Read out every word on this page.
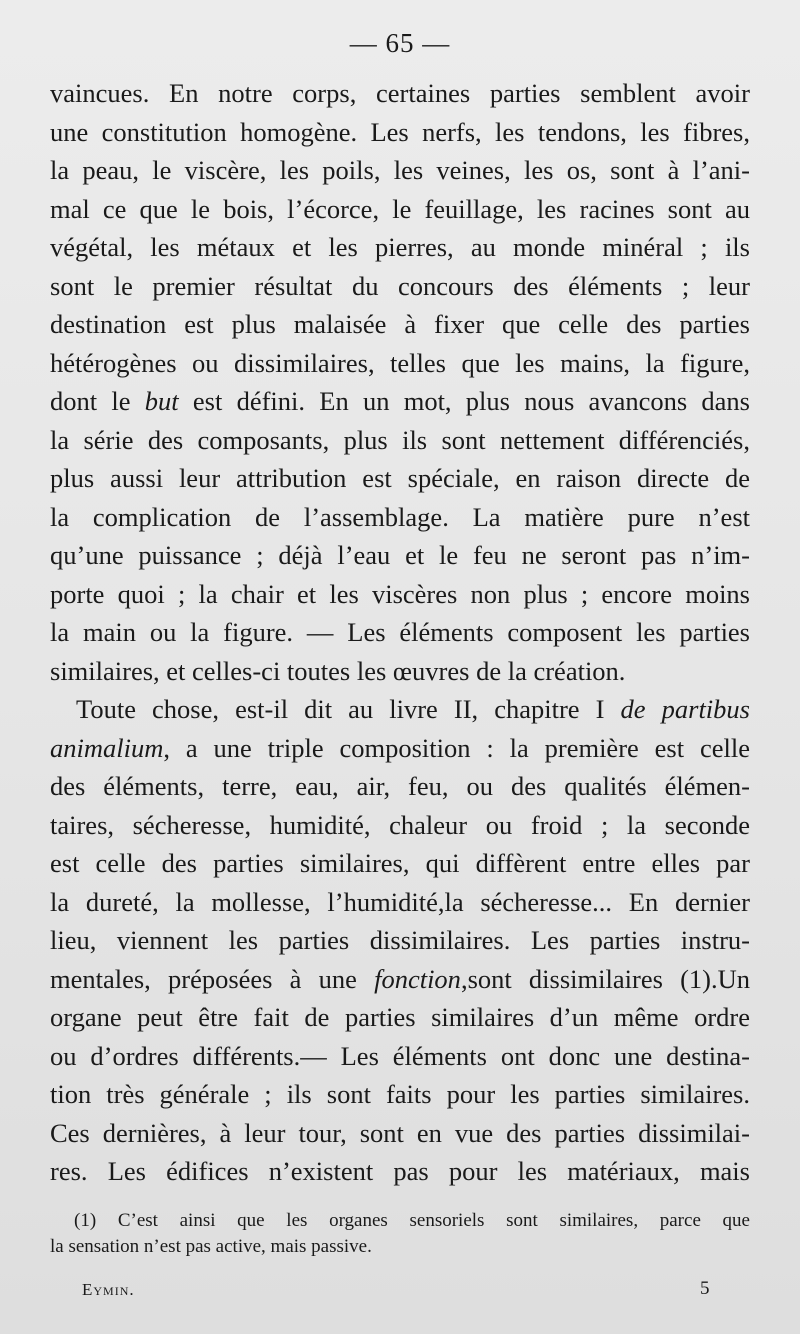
— 65 —
vaincues. En notre corps, certaines parties semblent avoir
une constitution homogène. Les nerfs, les tendons, les fibres,
la peau, le viscère, les poils, les veines, les os, sont à l’ani-
mal ce que le bois, l’écorce, le feuillage, les racines sont au
végétal, les métaux et les pierres, au monde minéral ; ils
sont le premier résultat du concours des éléments ; leur
destination est plus malaisée à fixer que celle des parties
hétérogènes ou dissimilaires, telles que les mains, la figure,
dont le but est défini. En un mot, plus nous avancons dans
la série des composants, plus ils sont nettement différenciés,
plus aussi leur attribution est spéciale, en raison directe de
la complication de l’assemblage. La matière pure n’est
qu’une puissance ; déjà l’eau et le feu ne seront pas n’im-
porte quoi ; la chair et les viscères non plus ; encore moins
la main ou la figure. — Les éléments composent les parties
similaires, et celles-ci toutes les œuvres de la création.
Toute chose, est-il dit au livre II, chapitre I de partibus
animalium, a une triple composition : la première est celle
des éléments, terre, eau, air, feu, ou des qualités élémen-
taires, sécheresse, humidité, chaleur ou froid ; la seconde
est celle des parties similaires, qui diffèrent entre elles par
la dureté, la mollesse, l’humidité,la sécheresse... En dernier
lieu, viennent les parties dissimilaires. Les parties instru-
mentales, préposées à une fonction,sont dissimilaires (1).Un
organe peut être fait de parties similaires d’un même ordre
ou d’ordres différents.— Les éléments ont donc une destina-
tion très générale ; ils sont faits pour les parties similaires.
Ces dernières, à leur tour, sont en vue des parties dissimilai-
res. Les édifices n’existent pas pour les matériaux, mais
(1) C’est ainsi que les organes sensoriels sont similaires, parce que
la sensation n’est pas active, mais passive.
Eymin.	5
